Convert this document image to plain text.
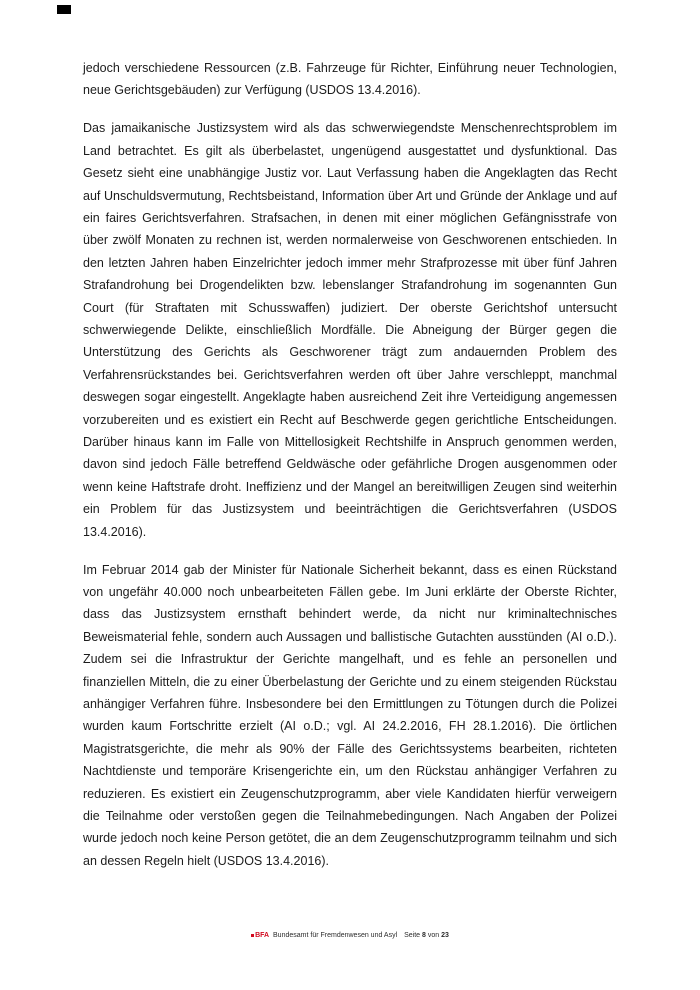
jedoch verschiedene Ressourcen (z.B. Fahrzeuge für Richter, Einführung neuer Technologien, neue Gerichtsgebäuden) zur Verfügung (USDOS 13.4.2016).

Das jamaikanische Justizsystem wird als das schwerwiegendste Menschenrechtsproblem im Land betrachtet. Es gilt als überbelastet, ungenügend ausgestattet und dysfunktional. Das Gesetz sieht eine unabhängige Justiz vor. Laut Verfassung haben die Angeklagten das Recht auf Unschuldsvermutung, Rechtsbeistand, Information über Art und Gründe der Anklage und auf ein faires Gerichtsverfahren. Strafsachen, in denen mit einer möglichen Gefängnisstrafe von über zwölf Monaten zu rechnen ist, werden normalerweise von Geschworenen entschieden. In den letzten Jahren haben Einzelrichter jedoch immer mehr Strafprozesse mit über fünf Jahren Strafandrohung bei Drogendelikten bzw. lebenslanger Strafandrohung im sogenannten Gun Court (für Straftaten mit Schusswaffen) judiziert. Der oberste Gerichtshof untersucht schwerwiegende Delikte, einschließlich Mordfälle. Die Abneigung der Bürger gegen die Unterstützung des Gerichts als Geschworener trägt zum andauernden Problem des Verfahrensrückstandes bei. Gerichtsverfahren werden oft über Jahre verschleppt, manchmal deswegen sogar eingestellt. Angeklagte haben ausreichend Zeit ihre Verteidigung angemessen vorzubereiten und es existiert ein Recht auf Beschwerde gegen gerichtliche Entscheidungen. Darüber hinaus kann im Falle von Mittellosigkeit Rechtshilfe in Anspruch genommen werden, davon sind jedoch Fälle betreffend Geldwäsche oder gefährliche Drogen ausgenommen oder wenn keine Haftstrafe droht. Ineffizienz und der Mangel an bereitwilligen Zeugen sind weiterhin ein Problem für das Justizsystem und beeinträchtigen die Gerichtsverfahren (USDOS 13.4.2016).

Im Februar 2014 gab der Minister für Nationale Sicherheit bekannt, dass es einen Rückstand von ungefähr 40.000 noch unbearbeiteten Fällen gebe. Im Juni erklärte der Oberste Richter, dass das Justizsystem ernsthaft behindert werde, da nicht nur kriminaltechnisches Beweismaterial fehle, sondern auch Aussagen und ballistische Gutachten ausstünden (AI o.D.). Zudem sei die Infrastruktur der Gerichte mangelhaft, und es fehle an personellen und finanziellen Mitteln, die zu einer Überbelastung der Gerichte und zu einem steigenden Rückstau anhängiger Verfahren führe. Insbesondere bei den Ermittlungen zu Tötungen durch die Polizei wurden kaum Fortschritte erzielt (AI o.D.; vgl. AI 24.2.2016, FH 28.1.2016). Die örtlichen Magistratsgerichte, die mehr als 90% der Fälle des Gerichtssystems bearbeiten, richteten Nachtdienste und temporäre Krisengerichte ein, um den Rückstau anhängiger Verfahren zu reduzieren. Es existiert ein Zeugenschutzprogramm, aber viele Kandidaten hierfür verweigern die Teilnahme oder verstoßen gegen die Teilnahmebedingungen. Nach Angaben der Polizei wurde jedoch noch keine Person getötet, die an dem Zeugenschutzprogramm teilnahm und sich an dessen Regeln hielt (USDOS 13.4.2016).

BFA Bundesamt für Fremdenwesen und Asyl Seite 8 von 23
